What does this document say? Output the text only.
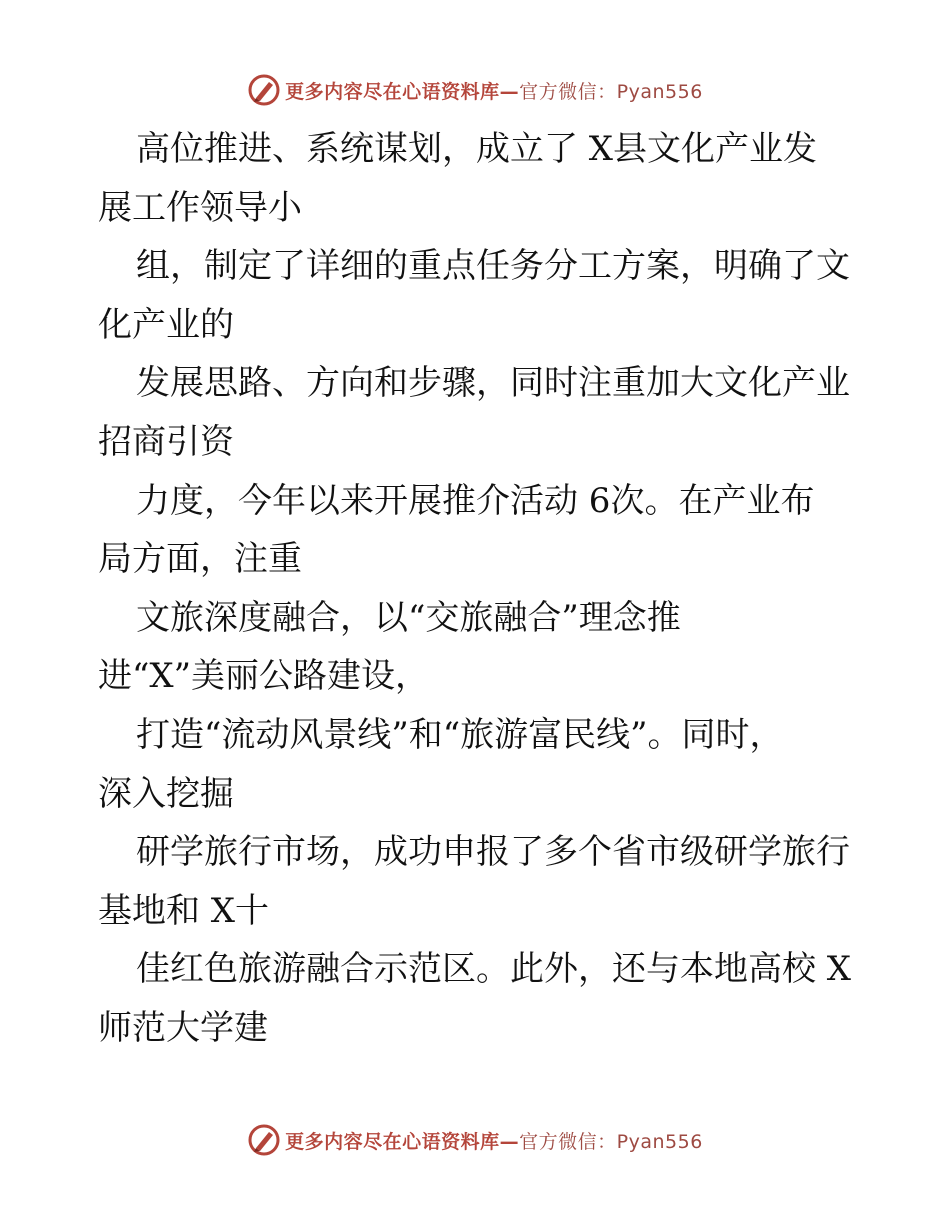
更多内容尽在心语资料库— 官方微信：Pyan556
高位推进、系统谋划，成立了 X县文化产业发
展工作领导小
组，制定了详细的重点任务分工方案，明确了文
化产业的
发展思路、方向和步骤，同时注重加大文化产业
招商引资
力度，今年以来开展推介活动 6次。在产业布
局方面，注重
文旅深度融合，以“交旅融合”理念推
进“X”美丽公路建设，
打造“流动风景线”和“旅游富民线”。同时，
深入挖掘
研学旅行市场，成功申报了多个省市级研学旅行
基地和 X十
佳红色旅游融合示范区。此外，还与本地高校 X
师范大学建
更多内容尽在心语资料库— 官方微信：Pyan556
